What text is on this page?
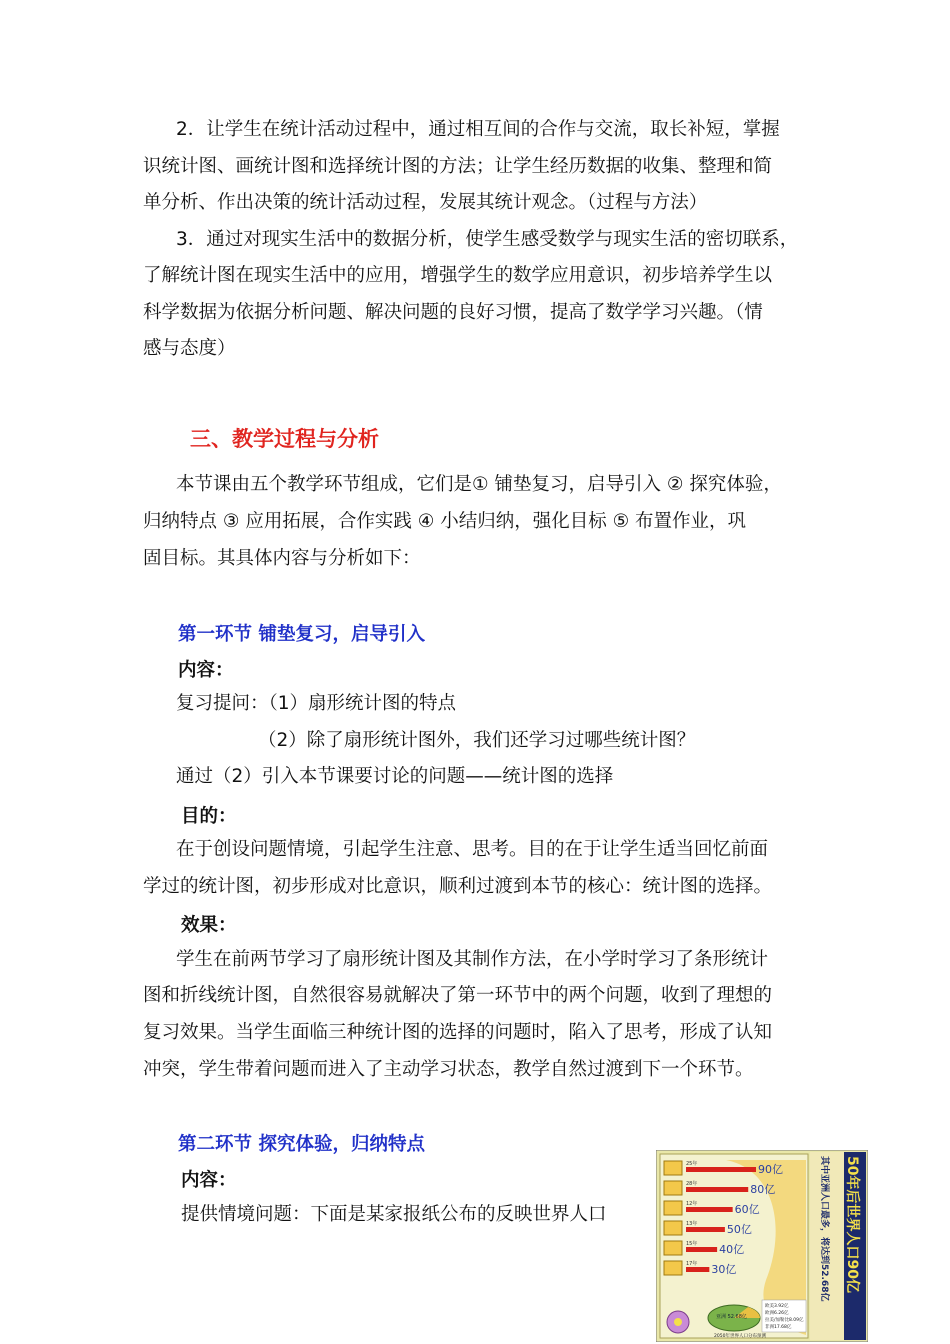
2．让学生在统计活动过程中，通过相互间的合作与交流，取长补短，掌握
识统计图、画统计图和选择统计图的方法；让学生经历数据的收集、整理和简
单分析、作出决策的统计活动过程，发展其统计观念。（过程与方法）
3．通过对现实生活中的数据分析，使学生感受数学与现实生活的密切联系，
了解统计图在现实生活中的应用，增强学生的数学应用意识，初步培养学生以
科学数据为依据分析问题、解决问题的良好习惯，提高了数学学习兴趣。（情
感与态度）
三、教学过程与分析
本节课由五个教学环节组成，它们是① 铺垫复习，启导引入 ② 探究体验，
归纳特点 ③ 应用拓展，合作实践 ④ 小结归纳，强化目标 ⑤ 布置作业，巩
固目标。其具体内容与分析如下：
第一环节 铺垫复习，启导引入
内容：
复习提问：（1）扇形统计图的特点
（2）除了扇形统计图外，我们还学习过哪些统计图？
通过（2）引入本节课要讨论的问题——统计图的选择
目的：
在于创设问题情境，引起学生注意、思考。目的在于让学生适当回忆前面
学过的统计图，初步形成对比意识，顺利过渡到本节的核心：统计图的选择。
效果：
学生在前两节学习了扇形统计图及其制作方法，在小学时学习了条形统计
图和折线统计图，自然很容易就解决了第一环节中的两个问题，收到了理想的
复习效果。当学生面临三种统计图的选择的问题时，陷入了思考，形成了认知
冲突，学生带着问题而进入了主动学习状态，教学自然过渡到下一个环节。
第二环节 探究体验，归纳特点
内容：
提供情境问题：下面是某家报纸公布的反映世界人口	其中亚洲人口最多，将达到52.68亿 50年后世界人口90亿
25年	90亿
28年	80亿
12年	60亿
13年	50亿
15年 40亿
17年 30亿
亚洲 52.68亿
欧美3.92亿
欧洲6.26亿
拉美/加勒比8.09亿
非洲17.68亿
2050年世界人口分布预测
